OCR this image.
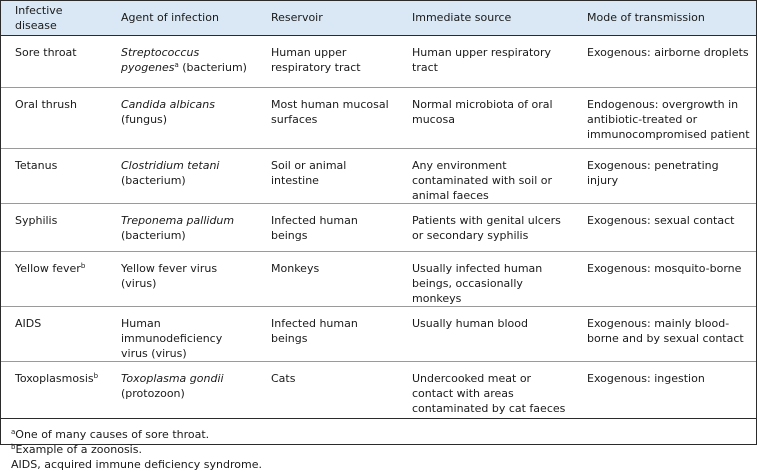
Infective disease	Agent of infection	Reservoir	Immediate source	Mode of transmission
Sore throat	Streptococcus pyogenes$^a$ (bacterium)	Human upper respiratory tract	Human upper respiratory tract	Exogenous: airborne droplets
Oral thrush	Candida albicans (fungus)	Most human mucosal surfaces	Normal microbiota of oral mucosa	Endogenous: overgrowth in antibiotic-treated or immunocompromised patient
Tetanus	Clostridium tetani (bacterium)	Soil or animal intestine	Any environment contaminated with soil or animal faeces	Exogenous: penetrating injury
Syphilis	Treponema pallidum (bacterium)	Infected human beings	Patients with genital ulcers or secondary syphilis	Exogenous: sexual contact
Yellow fever$^b$	Yellow fever virus (virus)	Monkeys	Usually infected human beings, occasionally monkeys	Exogenous: mosquito-borne
AIDS	Human immunodeficiency virus (virus)	Infected human beings	Usually human blood	Exogenous: mainly blood-borne and by sexual contact
Toxoplasmosis$^b$	Toxoplasma gondii (protozoon)	Cats	Undercooked meat or contact with areas contaminated by cat faeces	Exogenous: ingestion
$^a$One of many causes of sore throat.
$^b$Example of a zoonosis.
AIDS, acquired immune deficiency syndrome.
